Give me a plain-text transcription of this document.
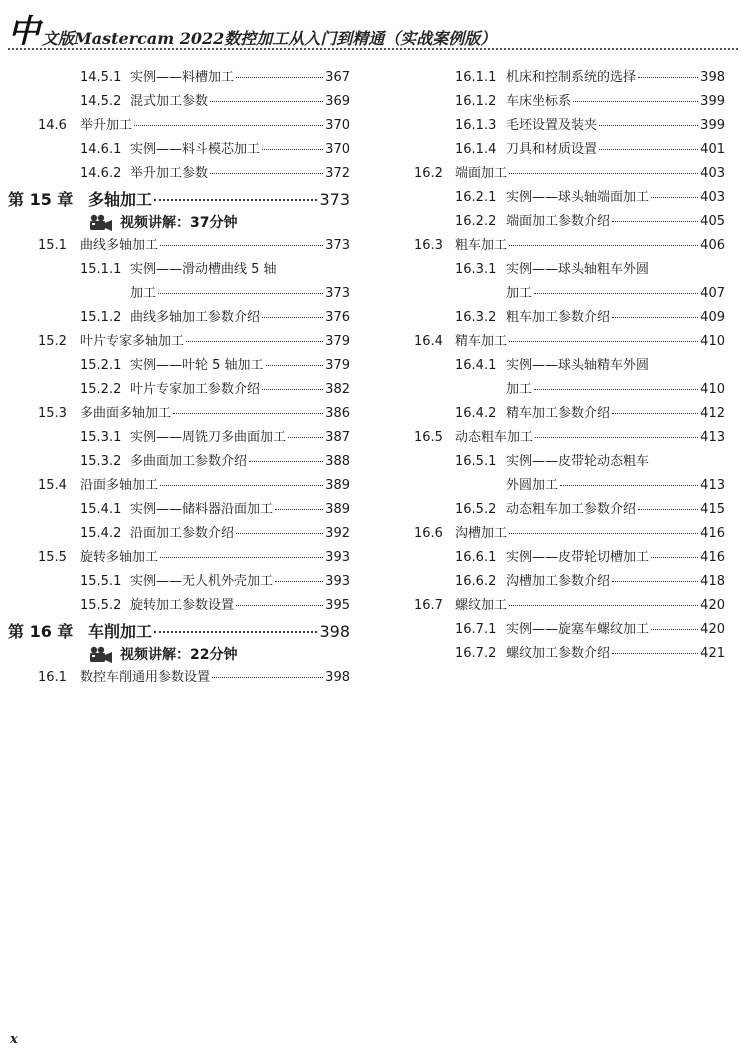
中 文版Mastercam 2022数控加工从入门到精通（实战案例版）
14.5.1 实例——料槽加工	367
14.5.2 混式加工参数	369
14.6 举升加工	370
14.6.1 实例——料斗模芯加工	370
14.6.2 举升加工参数	372
第 15 章 多轴加工	373
视频讲解：37分钟
15.1 曲线多轴加工	373
15.1.1 实例——滑动槽曲线 5 轴
加工	373
15.1.2 曲线多轴加工参数介绍	376
15.2 叶片专家多轴加工	379
15.2.1 实例——叶轮 5 轴加工	379
15.2.2 叶片专家加工参数介绍	382
15.3 多曲面多轴加工	386
15.3.1 实例——周铣刀多曲面加工	387
15.3.2 多曲面加工参数介绍	388
15.4 沿面多轴加工	389
15.4.1 实例——储料器沿面加工	389
15.4.2 沿面加工参数介绍	392
15.5 旋转多轴加工	393
15.5.1 实例——无人机外壳加工	393
15.5.2 旋转加工参数设置	395
第 16 章 车削加工	398
视频讲解：22分钟
16.1 数控车削通用参数设置	398
16.1.1 机床和控制系统的选择	398
16.1.2 车床坐标系	399
16.1.3 毛坯设置及装夹	399
16.1.4 刀具和材质设置	401
16.2 端面加工	403
16.2.1 实例——球头轴端面加工	403
16.2.2 端面加工参数介绍	405
16.3 粗车加工	406
16.3.1 实例——球头轴粗车外圆
加工	407
16.3.2 粗车加工参数介绍	409
16.4 精车加工	410
16.4.1 实例——球头轴精车外圆
加工	410
16.4.2 精车加工参数介绍	412
16.5 动态粗车加工	413
16.5.1 实例——皮带轮动态粗车
外圆加工	413
16.5.2 动态粗车加工参数介绍	415
16.6 沟槽加工	416
16.6.1 实例——皮带轮切槽加工	416
16.6.2 沟槽加工参数介绍	418
16.7 螺纹加工	420
16.7.1 实例——旋塞车螺纹加工	420
16.7.2 螺纹加工参数介绍	421
x
